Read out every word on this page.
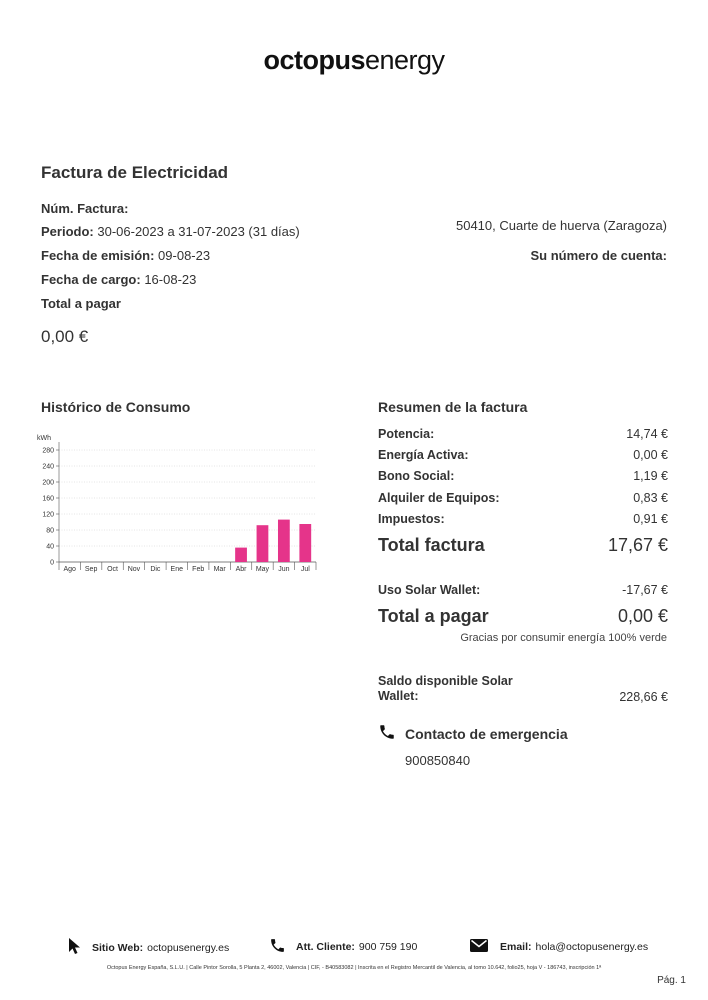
octopusenergy
Factura de Electricidad
Núm. Factura:
Periodo: 30-06-2023 a 31-07-2023 (31 días)
Fecha de emisión: 09-08-23
Fecha de cargo: 16-08-23
Total a pagar
0,00 €
50410, Cuarte de huerva (Zaragoza)
Su número de cuenta:
Histórico de Consumo
kWh
0
40
80
120
160
200
240
280
Ago Sep Oct Nov Dic Ene Feb Mar Abr May Jun Jul
Resumen de la factura
Potencia:	14,74 €
Energía Activa:	0,00 €
Bono Social:	1,19 €
Alquiler de Equipos:	0,83 €
Impuestos:	0,91 €
Total factura	17,67 €
Uso Solar Wallet:	-17,67 €
Total a pagar	0,00 €
Gracias por consumir energía 100% verde
Saldo disponible Solar
Wallet:	228,66 €
Contacto de emergencia
900850840
Sitio Web: octopusenergy.es	Att. Cliente: 900 759 190	Email: hola@octopusenergy.es
Octopus Energy España, S.L.U. | Calle Pintor Sorolla, 5 Planta 2, 46002, Valencia | CIF, - B40583082 | Inscrita en el Registro Mercantil de Valencia, al tomo 10.642, folio25, hoja V - 186743, inscripción 1ª
Pág. 1
